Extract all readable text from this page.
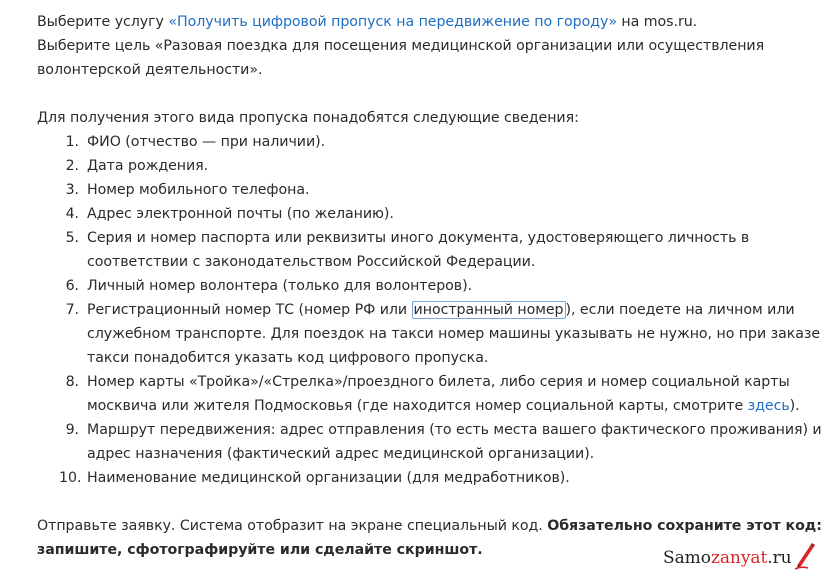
Выберите услугу «Получить цифровой пропуск на передвижение по городу» на mos.ru.

Выберите цель «Разовая поездка для посещения медицинской организации или осуществления

волонтерской деятельности».

Для получения этого вида пропуска понадобятся следующие сведения:

1. ФИО (отчество — при наличии).
2. Дата рождения.
3. Номер мобильного телефона.
4. Адрес электронной почты (по желанию).
5. Серия и номер паспорта или реквизиты иного документа, удостоверяющего личность в
соответствии с законодательством Российской Федерации.
6. Личный номер волонтера (только для волонтеров).
7. Регистрационный номер ТС (номер РФ или иностранный номер ), если поедете на личном или
служебном транспорте. Для поездок на такси номер машины указывать не нужно, но при заказе
такси понадобится указать код цифрового пропуска.
8. Номер карты «Тройка»/«Стрелка»/проездного билета, либо серия и номер социальной карты
москвича или жителя Подмосковья (где находится номер социальной карты, смотрите здесь).
9. Маршрут передвижения: адрес отправления (то есть места вашего фактического проживания) и
адрес назначения (фактический адрес медицинской организации).
10. Наименование медицинской организации (для медработников).

Отправьте заявку. Система отобразит на экране специальный код. Обязательно сохраните этот код:

запишите, сфотографируйте или сделайте скриншот.	Samo zanyat .ru
